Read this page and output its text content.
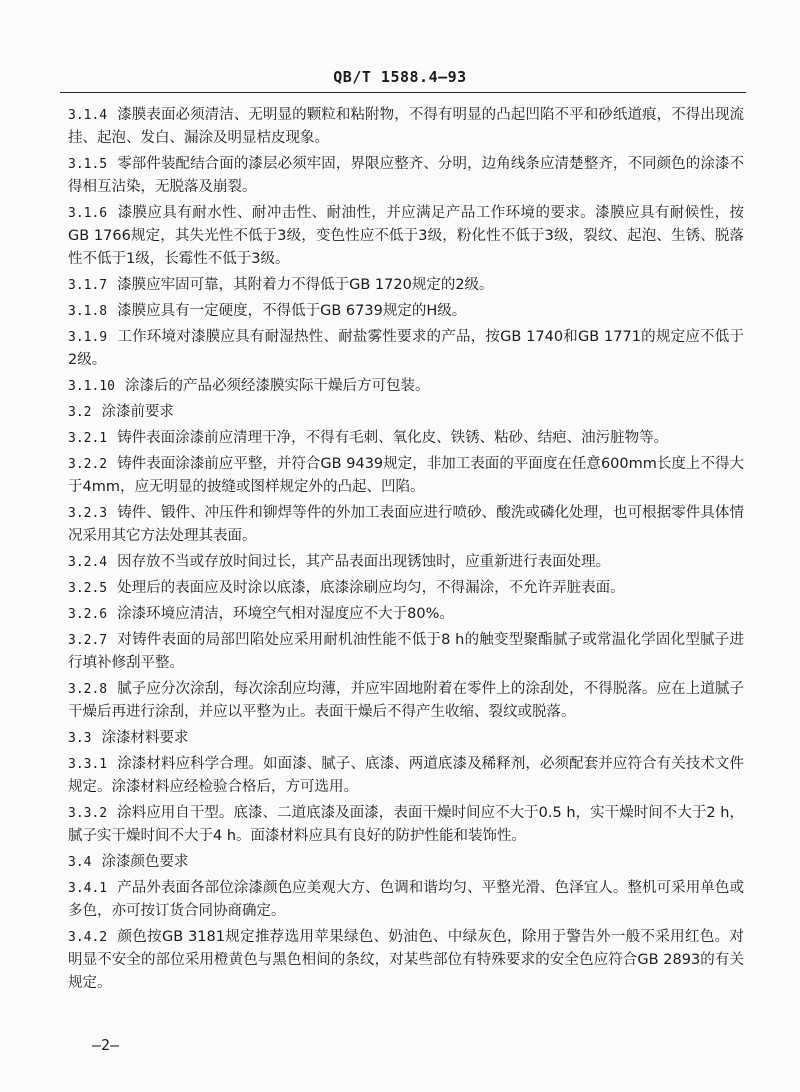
QB/T 1588.4—93
3.1.4 漆膜表面必须清洁、无明显的颗粒和粘附物，不得有明显的凸起凹陷不平和砂纸道痕，不得出现流挂、起泡、发白、漏涂及明显桔皮现象。
3.1.5 零部件装配结合面的漆层必须牢固，界限应整齐、分明，边角线条应清楚整齐，不同颜色的涂漆不得相互沾染，无脱落及崩裂。
3.1.6 漆膜应具有耐水性、耐冲击性、耐油性，并应满足产品工作环境的要求。漆膜应具有耐候性，按GB 1766规定，其失光性不低于3级，变色性应不低于3级，粉化性不低于3级，裂纹、起泡、生锈、脱落性不低于1级，长霉性不低于3级。
3.1.7 漆膜应牢固可靠，其附着力不得低于GB 1720规定的2级。
3.1.8 漆膜应具有一定硬度，不得低于GB 6739规定的H级。
3.1.9 工作环境对漆膜应具有耐湿热性、耐盐雾性要求的产品，按GB 1740和GB 1771的规定应不低于2级。
3.1.10 涂漆后的产品必须经漆膜实际干燥后方可包装。
3.2 涂漆前要求
3.2.1 铸件表面涂漆前应清理干净，不得有毛刺、氧化皮、铁锈、粘砂、结疤、油污脏物等。
3.2.2 铸件表面涂漆前应平整，并符合GB 9439规定，非加工表面的平面度在任意600mm长度上不得大于4mm，应无明显的披缝或图样规定外的凸起、凹陷。
3.2.3 铸件、锻件、冲压件和铆焊等件的外加工表面应进行喷砂、酸洗或磷化处理，也可根据零件具体情况采用其它方法处理其表面。
3.2.4 因存放不当或存放时间过长，其产品表面出现锈蚀时，应重新进行表面处理。
3.2.5 处理后的表面应及时涂以底漆，底漆涂刷应均匀，不得漏涂，不允许弄脏表面。
3.2.6 涂漆环境应清洁，环境空气相对湿度应不大于80%。
3.2.7 对铸件表面的局部凹陷处应采用耐机油性能不低于8 h的触变型聚酯腻子或常温化学固化型腻子进行填补修刮平整。
3.2.8 腻子应分次涂刮，每次涂刮应均薄，并应牢固地附着在零件上的涂刮处，不得脱落。应在上道腻子干燥后再进行涂刮，并应以平整为止。表面干燥后不得产生收缩、裂纹或脱落。
3.3 涂漆材料要求
3.3.1 涂漆材料应科学合理。如面漆、腻子、底漆、两道底漆及稀释剂，必须配套并应符合有关技术文件规定。涂漆材料应经检验合格后，方可选用。
3.3.2 涂料应用自干型。底漆、二道底漆及面漆，表面干燥时间应不大于0.5 h，实干燥时间不大于2 h，腻子实干燥时间不大于4 h。面漆材料应具有良好的防护性能和装饰性。
3.4 涂漆颜色要求
3.4.1 产品外表面各部位涂漆颜色应美观大方、色调和谐均匀、平整光滑、色泽宜人。整机可采用单色或多色，亦可按订货合同协商确定。
3.4.2 颜色按GB 3181规定推荐选用苹果绿色、奶油色、中绿灰色，除用于警告外一般不采用红色。对明显不安全的部位采用橙黄色与黑色相间的条纹，对某些部位有特殊要求的安全色应符合GB 2893的有关规定。
—2—
